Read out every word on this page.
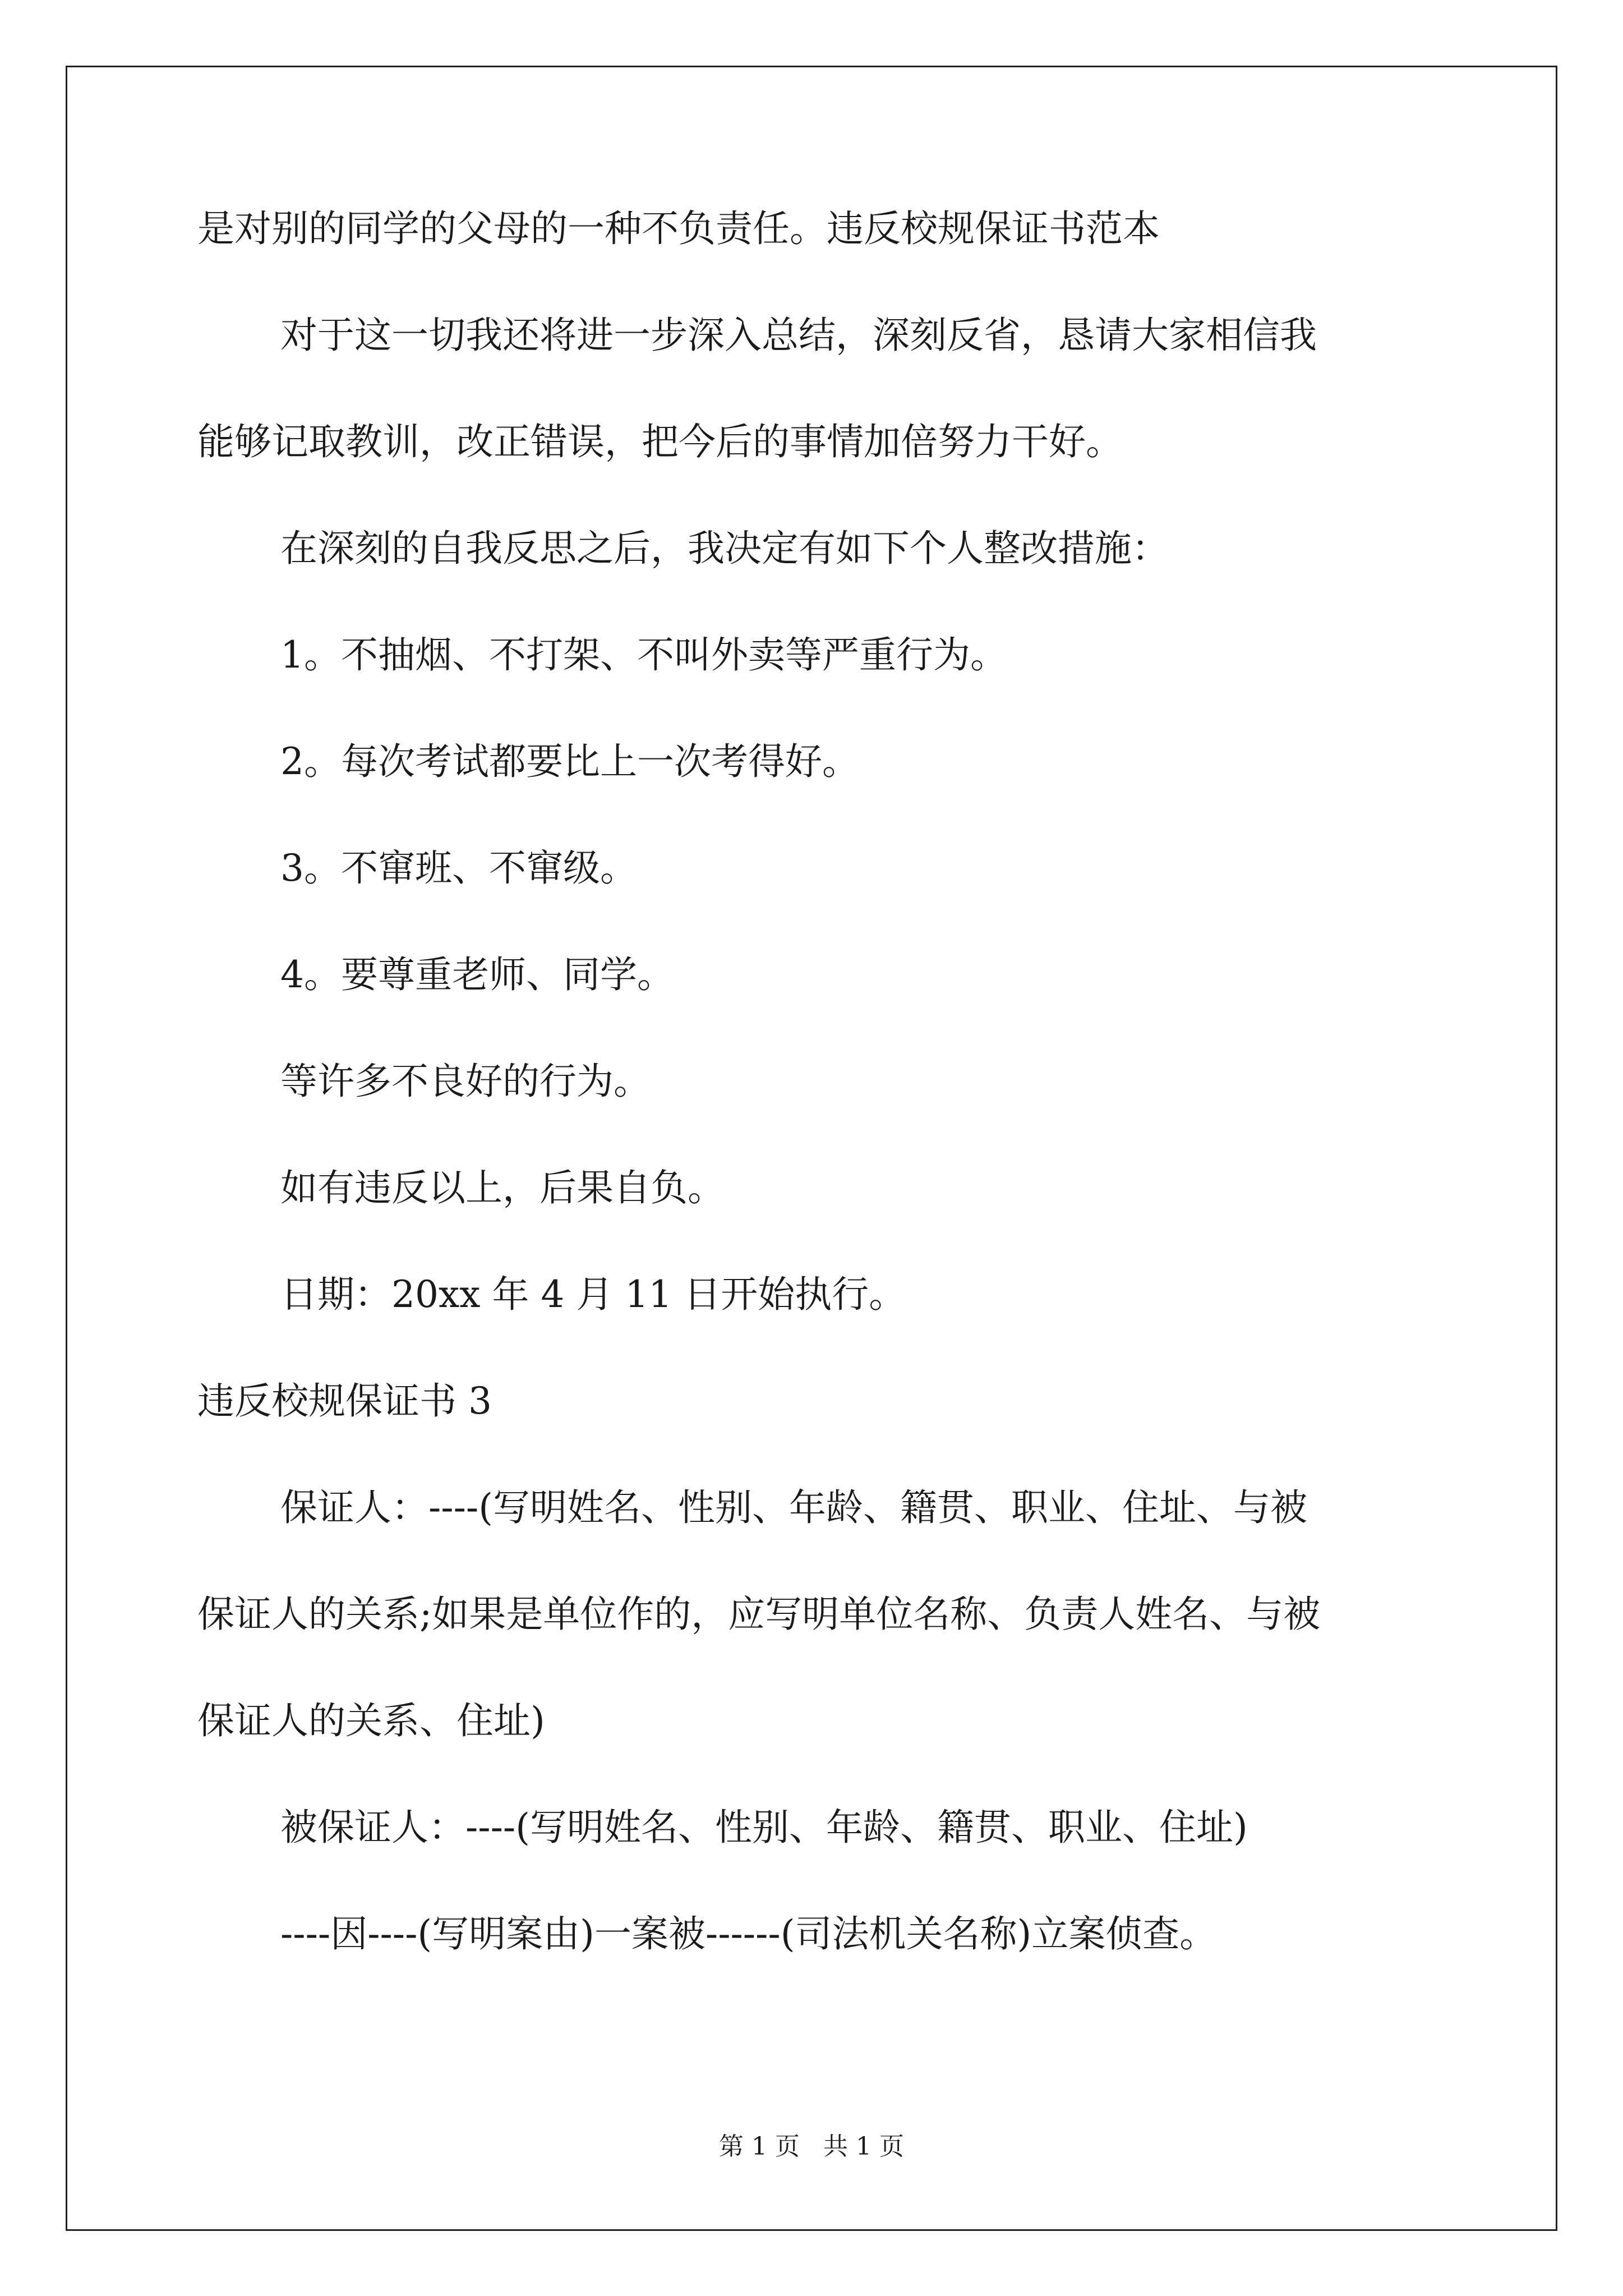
是对别的同学的父母的一种不负责任。违反校规保证书范本
对于这一切我还将进一步深入总结，深刻反省，恳请大家相信我
能够记取教训，改正错误，把今后的事情加倍努力干好。
在深刻的自我反思之后，我决定有如下个人整改措施：
1。不抽烟、不打架、不叫外卖等严重行为。
2。每次考试都要比上一次考得好。
3。不窜班、不窜级。
4。要尊重老师、同学。
等许多不良好的行为。
如有违反以上，后果自负。
日期：20xx 年 4 月 11 日开始执行。
违反校规保证书 3
保证人：----(写明姓名、性别、年龄、籍贯、职业、住址、与被
保证人的关系;如果是单位作的，应写明单位名称、负责人姓名、与被
保证人的关系、住址)
被保证人：----(写明姓名、性别、年龄、籍贯、职业、住址)
----因----(写明案由)一案被------(司法机关名称)立案侦查。
第 1 页   共 1 页
